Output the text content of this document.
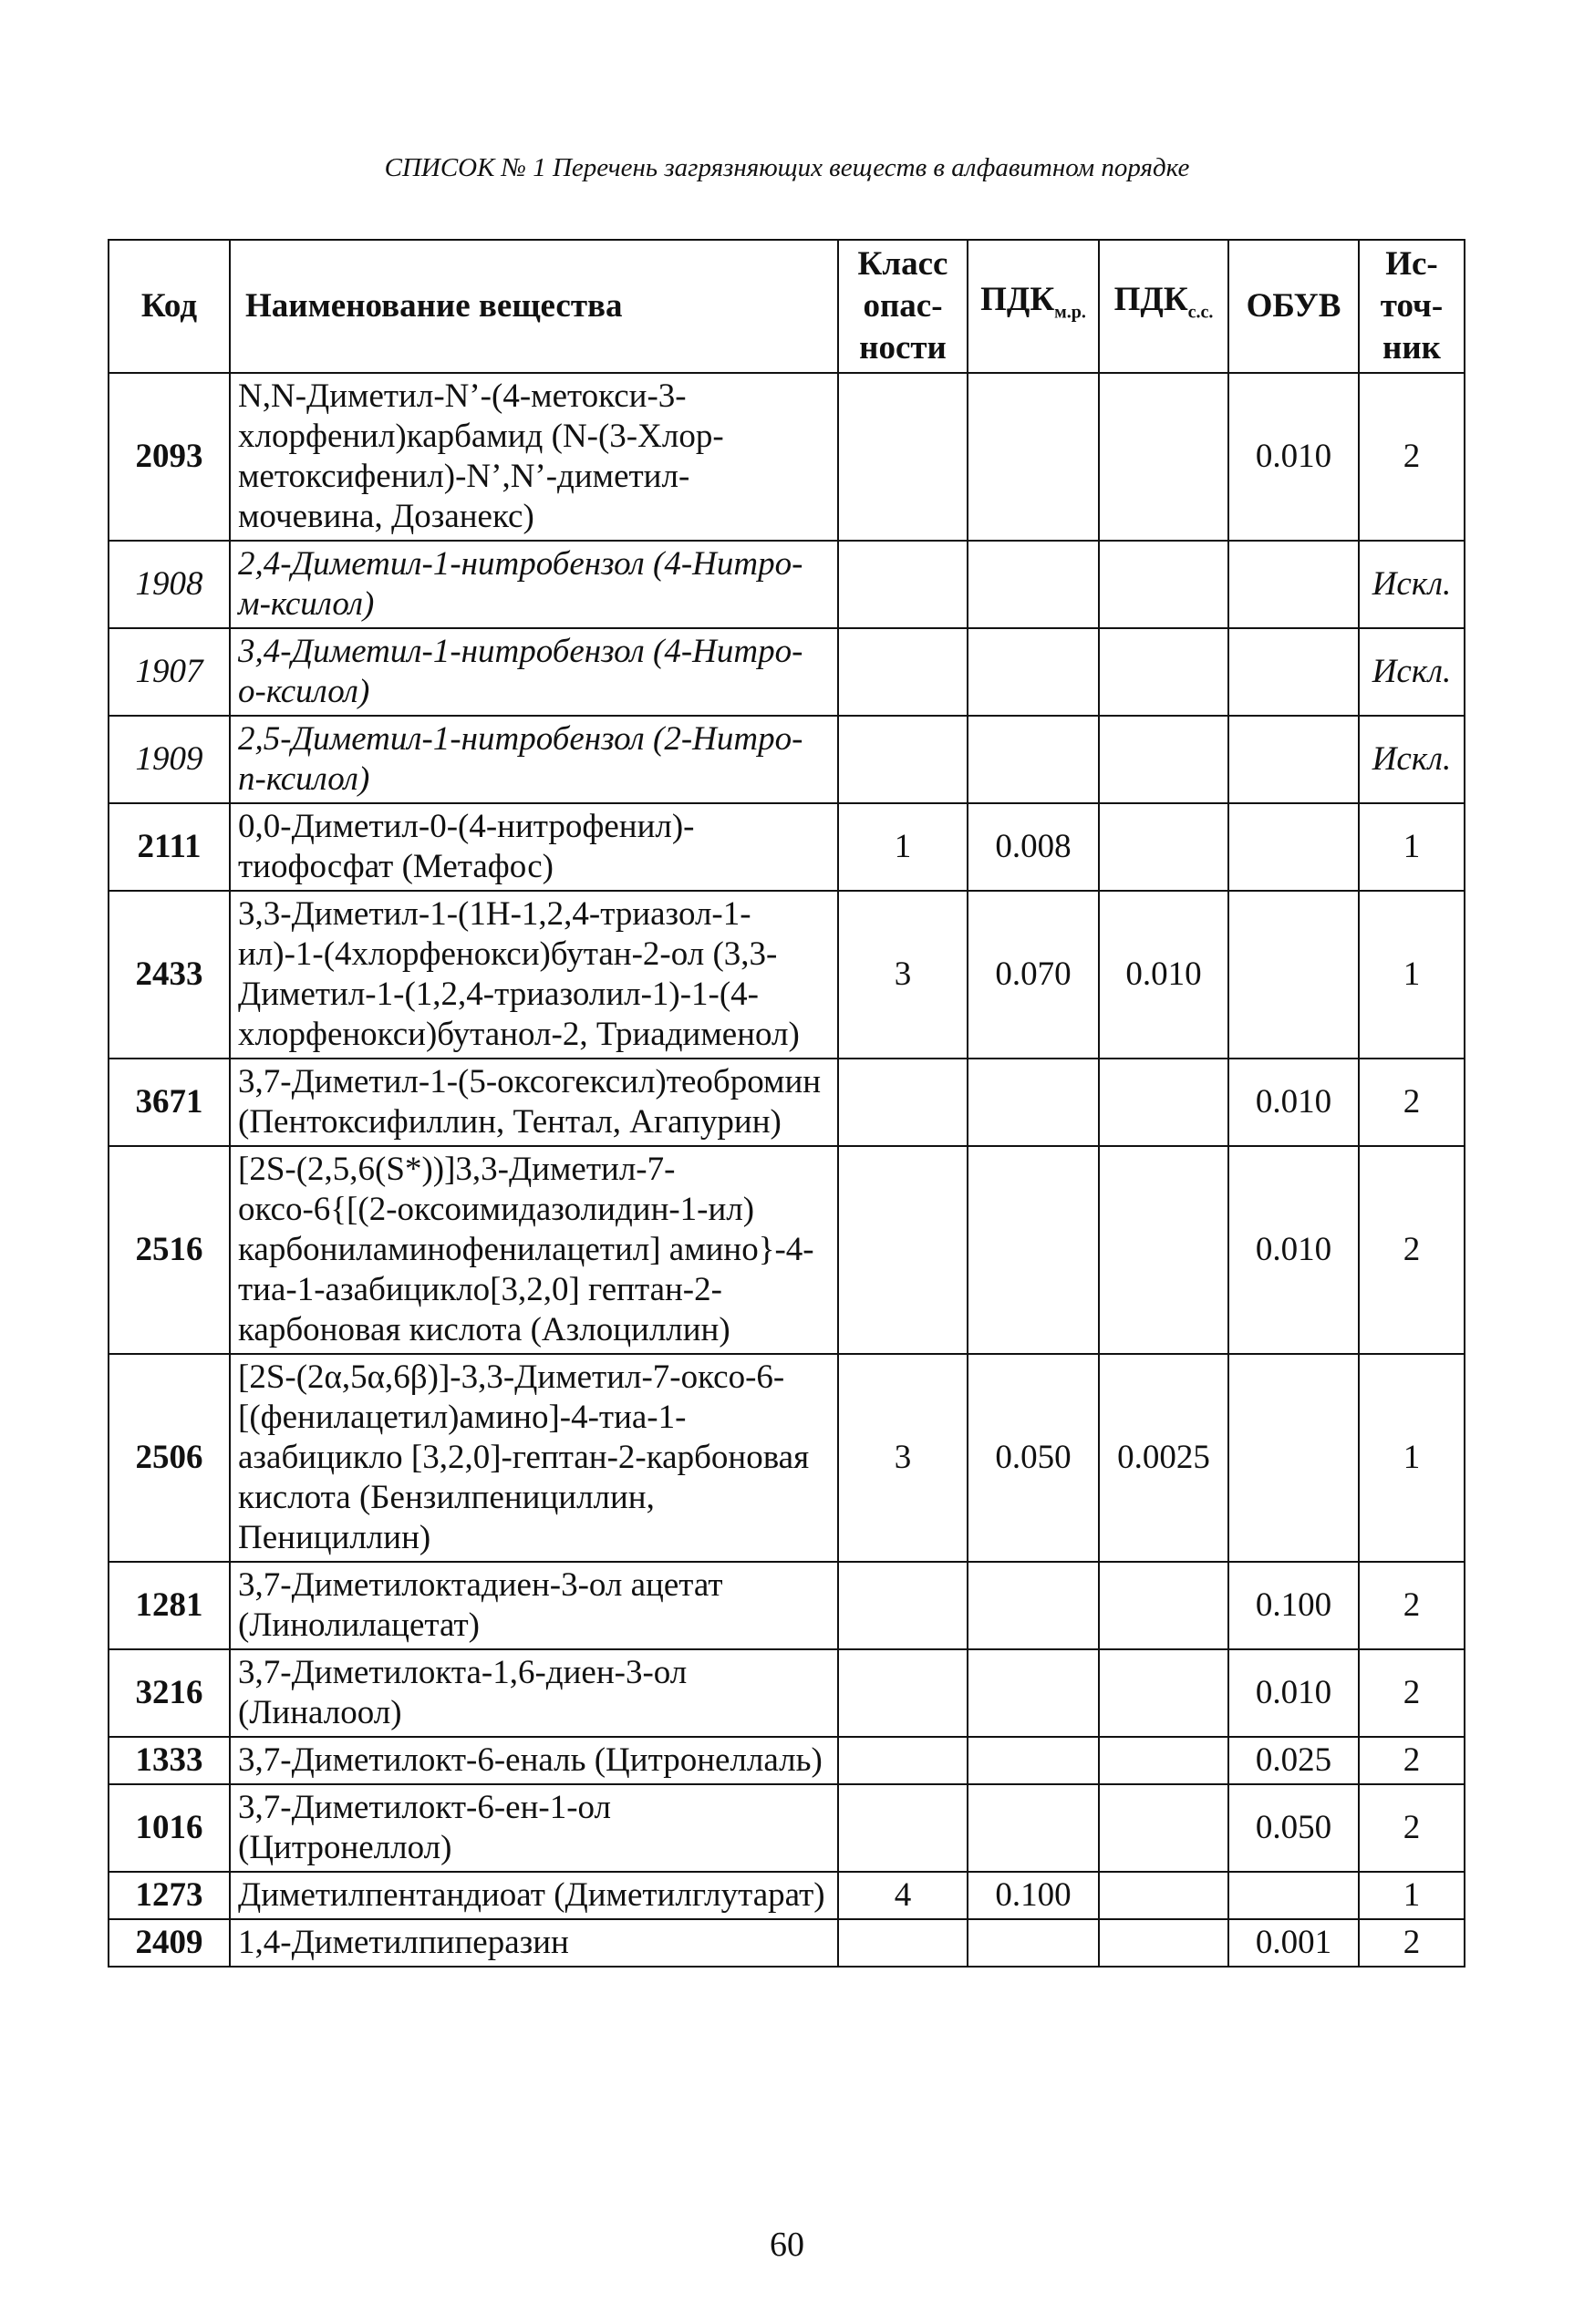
СПИСОК № 1 Перечень загрязняющих веществ в алфавитном порядке
Код	Наименование вещества	Класс опас-ности	$ПДК_{м.р.}$	$ПДК_{с.с.}$	ОБУВ	Ис-точ-ник
2093	N,N-Диметил-N’-(4-метокси-3-хлорфенил)карбамид (N-(3-Хлор-метоксифенил)-N’,N’-диметил-мочевина, Дозанекс)				0.010	2
1908	2,4-Диметил-1-нитробензол (4-Нитро-м-ксилол)					Искл.
1907	3,4-Диметил-1-нитробензол (4-Нитро-о-ксилол)					Искл.
1909	2,5-Диметил-1-нитробензол (2-Нитро-п-ксилол)					Искл.
2111	0,0-Диметил-0-(4-нитрофенил)-тиофосфат (Метафос)	1	0.008			1
2433	3,3-Диметил-1-(1Н-1,2,4-триазол-1-ил)-1-(4хлорфенокси)бутан-2-ол (3,3-Диметил-1-(1,2,4-триазолил-1)-1-(4-хлорфенокси)бутанол-2, Триадименол)	3	0.070	0.010		1
3671	3,7-Диметил-1-(5-оксогексил)теобромин (Пентоксифиллин, Тентал, Агапурин)				0.010	2
2516	[2S-(2,5,6(S*))]3,3-Диметил-7-оксо-6{[(2-оксоимидазолидин-1-ил) карбониламинофенилацетил] амино}-4-тиа-1-азабицикло[3,2,0] гептан-2-карбоновая кислота (Азлоциллин)				0.010	2
2506	[2S-(2α,5α,6β)]-3,3-Диметил-7-оксо-6-[(фенилацетил)амино]-4-тиа-1-азабицикло [3,2,0]-гептан-2-карбоновая кислота (Бензилпенициллин, Пенициллин)	3	0.050	0.0025		1
1281	3,7-Диметилоктадиен-3-ол ацетат (Линолилацетат)				0.100	2
3216	3,7-Диметилокта-1,6-диен-3-ол (Линалоол)				0.010	2
1333	3,7-Диметилокт-6-еналь (Цитронеллаль)				0.025	2
1016	3,7-Диметилокт-6-ен-1-ол (Цитронеллол)				0.050	2
1273	Диметилпентандиоат (Диметилглутарат)	4	0.100			1
2409	1,4-Диметилпиперазин				0.001	2
60
